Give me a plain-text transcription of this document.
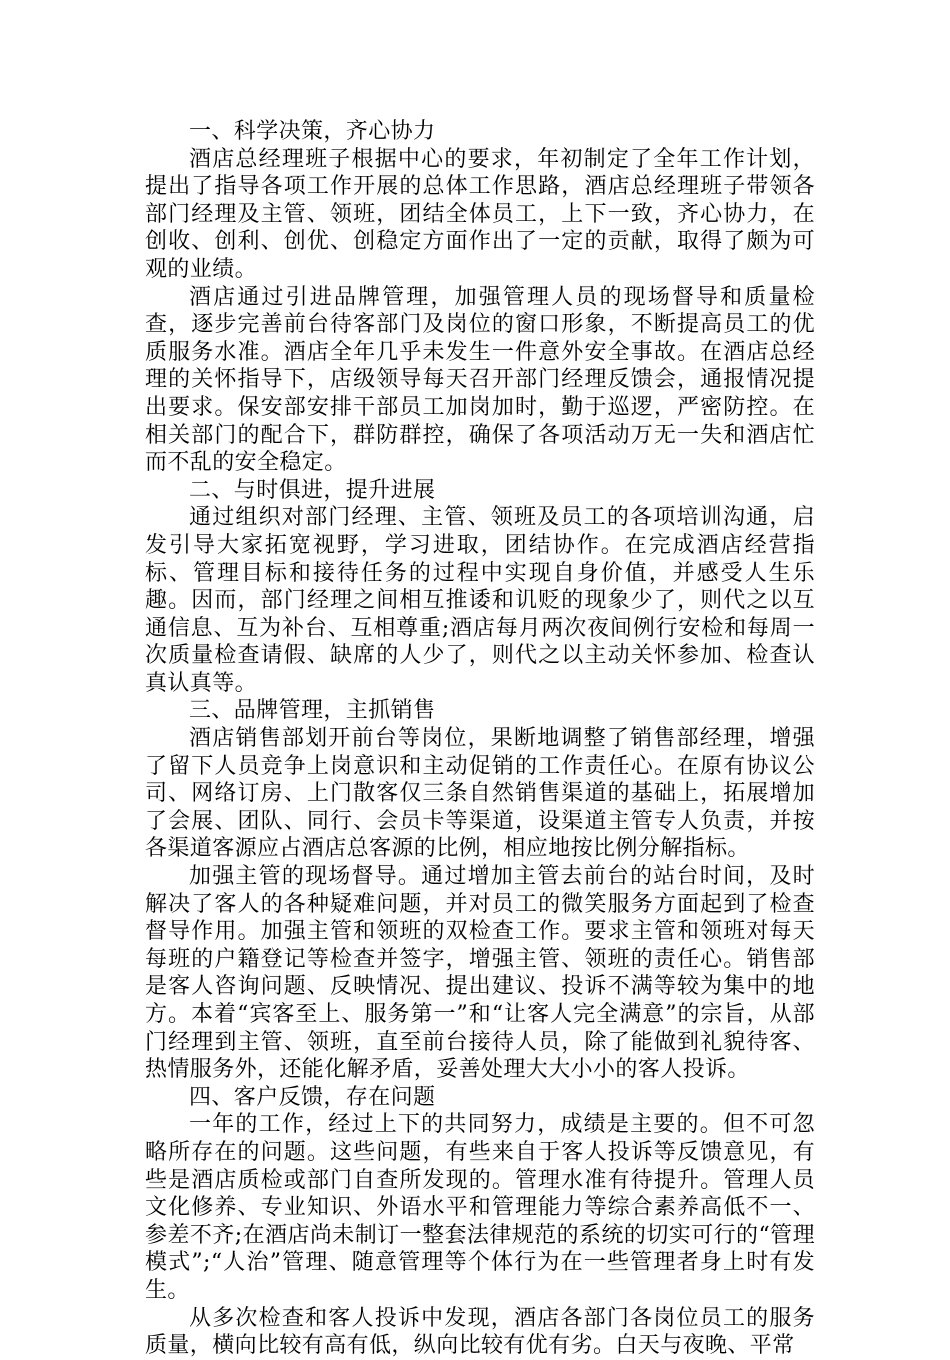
一、科学决策，齐心协力

酒店总经理班子根据中心的要求，年初制定了全年工作计划，提出了指导各项工作开展的总体工作思路，酒店总经理班子带领各部门经理及主管、领班，团结全体员工，上下一致，齐心协力，在创收、创利、创优、创稳定方面作出了一定的贡献，取得了颇为可观的业绩。

酒店通过引进品牌管理，加强管理人员的现场督导和质量检查，逐步完善前台待客部门及岗位的窗口形象，不断提高员工的优质服务水准。酒店全年几乎未发生一件意外安全事故。在酒店总经理的关怀指导下，店级领导每天召开部门经理反馈会，通报情况提出要求。保安部安排干部员工加岗加时，勤于巡逻，严密防控。在相关部门的配合下，群防群控，确保了各项活动万无一失和酒店忙而不乱的安全稳定。

二、与时俱进，提升进展

通过组织对部门经理、主管、领班及员工的各项培训沟通，启发引导大家拓宽视野，学习进取，团结协作。在完成酒店经营指标、管理目标和接待任务的过程中实现自身价值，并感受人生乐趣。因而，部门经理之间相互推诿和讥贬的现象少了，则代之以互通信息、互为补台、互相尊重;酒店每月两次夜间例行安检和每周一次质量检查请假、缺席的人少了，则代之以主动关怀参加、检查认真认真等。

三、品牌管理，主抓销售

酒店销售部划开前台等岗位，果断地调整了销售部经理，增强了留下人员竞争上岗意识和主动促销的工作责任心。在原有协议公司、网络订房、上门散客仅三条自然销售渠道的基础上，拓展增加了会展、团队、同行、会员卡等渠道，设渠道主管专人负责，并按各渠道客源应占酒店总客源的比例，相应地按比例分解指标。

加强主管的现场督导。通过增加主管去前台的站台时间，及时解决了客人的各种疑难问题，并对员工的微笑服务方面起到了检查督导作用。加强主管和领班的双检查工作。要求主管和领班对每天每班的户籍登记等检查并签字，增强主管、领班的责任心。销售部是客人咨询问题、反映情况、提出建议、投诉不满等较为集中的地方。本着“宾客至上、服务第一”和“让客人完全满意”的宗旨，从部门经理到主管、领班，直至前台接待人员，除了能做到礼貌待客、热情服务外，还能化解矛盾，妥善处理大大小小的客人投诉。

四、客户反馈，存在问题

一年的工作，经过上下的共同努力，成绩是主要的。但不可忽略所存在的问题。这些问题，有些来自于客人投诉等反馈意见，有些是酒店质检或部门自查所发现的。管理水准有待提升。管理人员文化修养、专业知识、外语水平和管理能力等综合素养高低不一、参差不齐;在酒店尚未制订一整套法律规范的系统的切实可行的“管理模式”;“人治”管理、随意管理等个体行为在一些管理者身上时有发生。

从多次检查和客人投诉中发现，酒店各部门各岗位员工的服务质量，横向比较有高有低，纵向比较有优有劣。白天与夜晚、平常
